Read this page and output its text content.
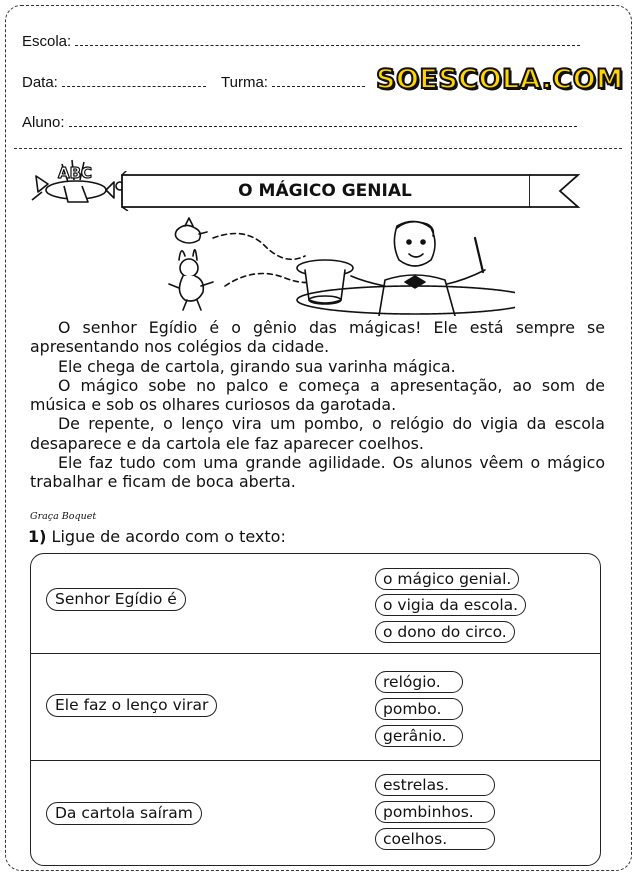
Escola:
Data:	Turma:
Aluno:
SOESCOLA.COM
ABC
O MÁGICO GENIAL

O senhor Egídio é o gênio das mágicas! Ele está sempre se apresentando nos colégios da cidade.

Ele chega de cartola, girando sua varinha mágica.

O mágico sobe no palco e começa a apresentação, ao som de música e sob os olhares curiosos da garotada.

De repente, o lenço vira um pombo, o relógio do vigia da escola desaparece e da cartola ele faz aparecer coelhos.

Ele faz tudo com uma grande agilidade. Os alunos vêem o mágico trabalhar e ficam de boca aberta.

Graça Boquet
1) Ligue de acordo com o texto:
Senhor Egídio é
o mágico genial.
o vigia da escola.
o dono do circo.
Ele faz o lenço virar
relógio.
pombo.
gerânio.
Da cartola saíram
estrelas.
pombinhos.
coelhos.
